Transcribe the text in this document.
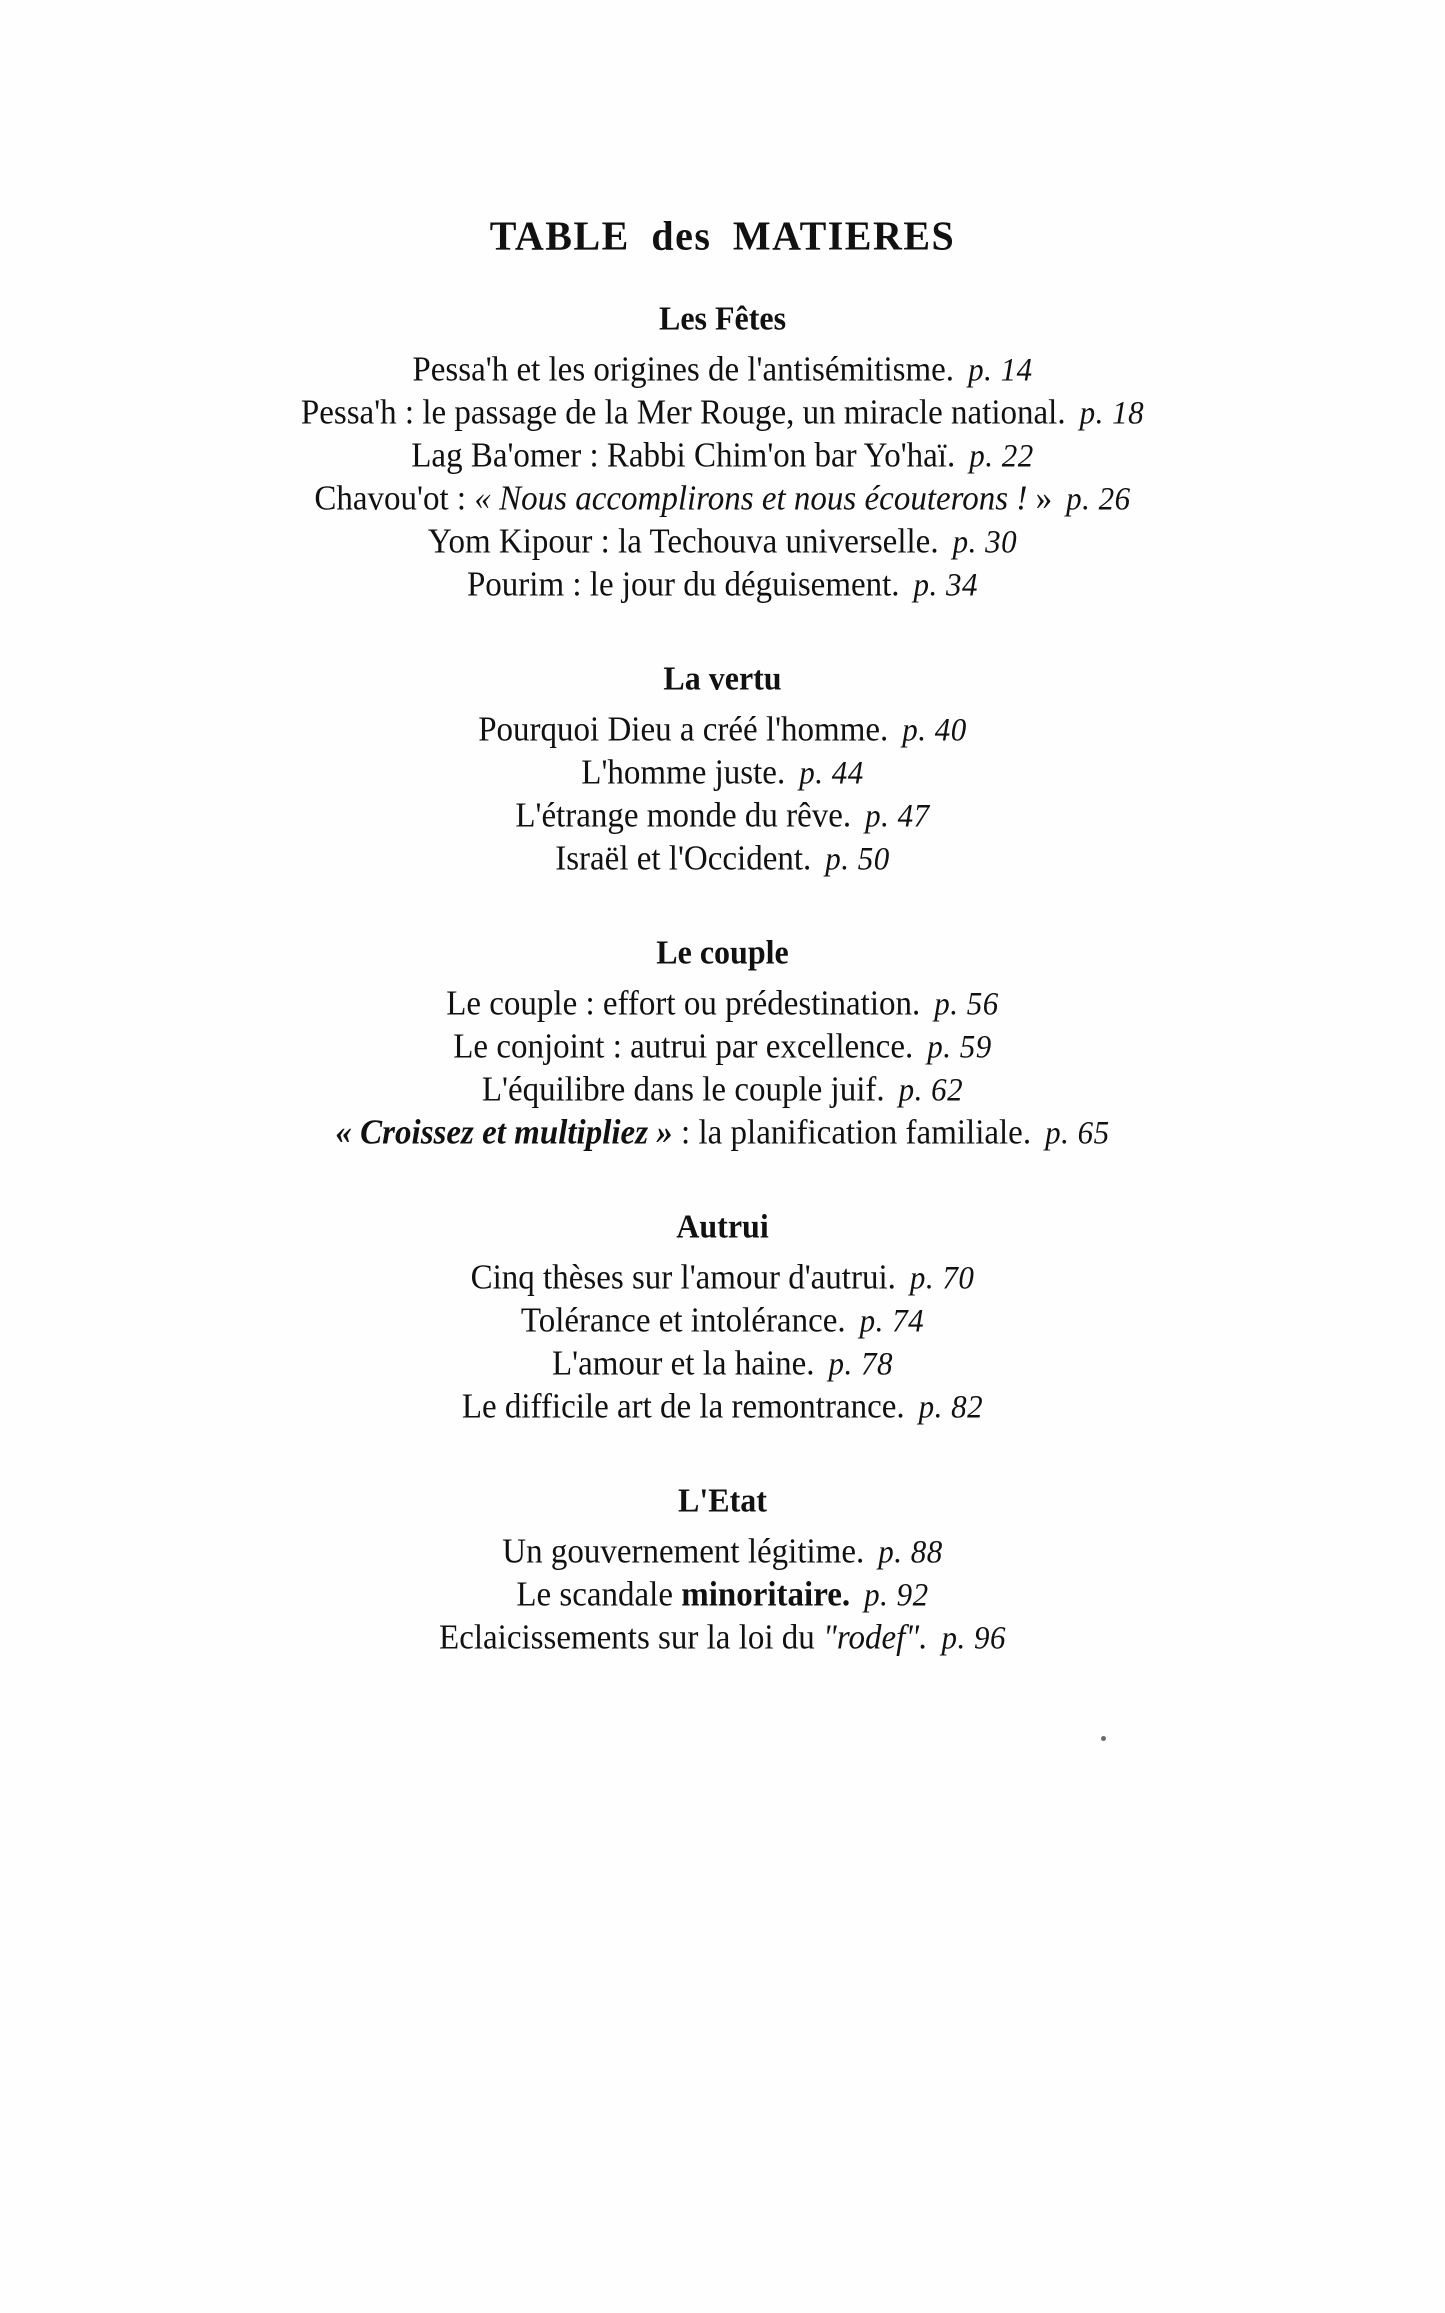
TABLE des MATIERES
Les Fêtes
Pessa'h et les origines de l'antisémitisme. p. 14
Pessa'h : le passage de la Mer Rouge, un miracle national. p. 18
Lag Ba'omer : Rabbi Chim'on bar Yo'haï. p. 22
Chavou'ot : « Nous accomplirons et nous écouterons ! » p. 26
Yom Kipour : la Techouva universelle. p. 30
Pourim : le jour du déguisement. p. 34
La vertu
Pourquoi Dieu a créé l'homme. p. 40
L'homme juste. p. 44
L'étrange monde du rêve. p. 47
Israël et l'Occident. p. 50
Le couple
Le couple : effort ou prédestination. p. 56
Le conjoint : autrui par excellence. p. 59
L'équilibre dans le couple juif. p. 62
« Croissez et multipliez » : la planification familiale. p. 65
Autrui
Cinq thèses sur l'amour d'autrui. p. 70
Tolérance et intolérance. p. 74
L'amour et la haine. p. 78
Le difficile art de la remontrance. p. 82
L'Etat
Un gouvernement légitime. p. 88
Le scandale minoritaire. p. 92
Eclaicissements sur la loi du "rodef". p. 96
